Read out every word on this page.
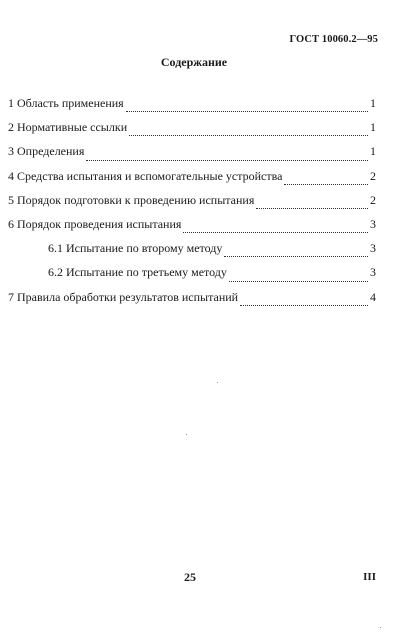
ГОСТ 10060.2—95
Содержание
1 Область применения	1
2 Нормативные ссылки	1
3 Определения	1
4 Средства испытания и вспомогательные устройства	2
5 Порядок подготовки к проведению испытания	2
6 Порядок проведения испытания	3
6.1 Испытание по второму методу	3
6.2 Испытание по третьему методу	3
7 Правила обработки результатов испытаний	4
25	III
